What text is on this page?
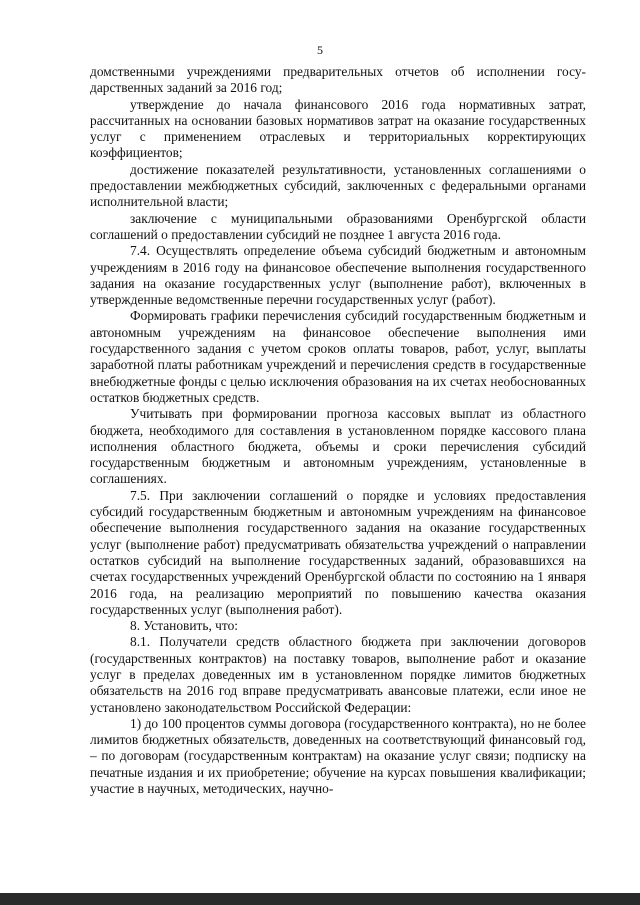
5

домственными учреждениями предварительных отчетов об исполнении государственных заданий за 2016 год;

утверждение до начала финансового 2016 года нормативных затрат, рассчитанных на основании базовых нормативов затрат на оказание государственных услуг с применением отраслевых и территориальных корректирующих коэффициентов;

достижение показателей результативности, установленных соглашениями о предоставлении межбюджетных субсидий, заключенных с федеральными органами исполнительной власти;

заключение с муниципальными образованиями Оренбургской области соглашений о предоставлении субсидий не позднее 1 августа 2016 года.

7.4. Осуществлять определение объема субсидий бюджетным и автономным учреждениям в 2016 году на финансовое обеспечение выполнения государственного задания на оказание государственных услуг (выполнение работ), включенных в утвержденные ведомственные перечни государственных услуг (работ).

Формировать графики перечисления субсидий государственным бюджетным и автономным учреждениям на финансовое обеспечение выполнения ими государственного задания с учетом сроков оплаты товаров, работ, услуг, выплаты заработной платы работникам учреждений и перечисления средств в государственные внебюджетные фонды с целью исключения образования на их счетах необоснованных остатков бюджетных средств.

Учитывать при формировании прогноза кассовых выплат из областного бюджета, необходимого для составления в установленном порядке кассового плана исполнения областного бюджета, объемы и сроки перечисления субсидий государственным бюджетным и автономным учреждениям, установленные в соглашениях.

7.5. При заключении соглашений о порядке и условиях предоставления субсидий государственным бюджетным и автономным учреждениям на финансовое обеспечение выполнения государственного задания на оказание государственных услуг (выполнение работ) предусматривать обязательства учреждений о направлении остатков субсидий на выполнение государственных заданий, образовавшихся на счетах государственных учреждений Оренбургской области по состоянию на 1 января 2016 года, на реализацию мероприятий по повышению качества оказания государственных услуг (выполнения работ).

8. Установить, что:

8.1. Получатели средств областного бюджета при заключении договоров (государственных контрактов) на поставку товаров, выполнение работ и оказание услуг в пределах доведенных им в установленном порядке лимитов бюджетных обязательств на 2016 год вправе предусматривать авансовые платежи, если иное не установлено законодательством Российской Федерации:

1) до 100 процентов суммы договора (государственного контракта), но не более лимитов бюджетных обязательств, доведенных на соответствующий финансовый год, – по договорам (государственным контрактам) на оказание услуг связи; подписку на печатные издания и их приобретение; обучение на курсах повышения квалификации; участие в научных, методических, научно-
